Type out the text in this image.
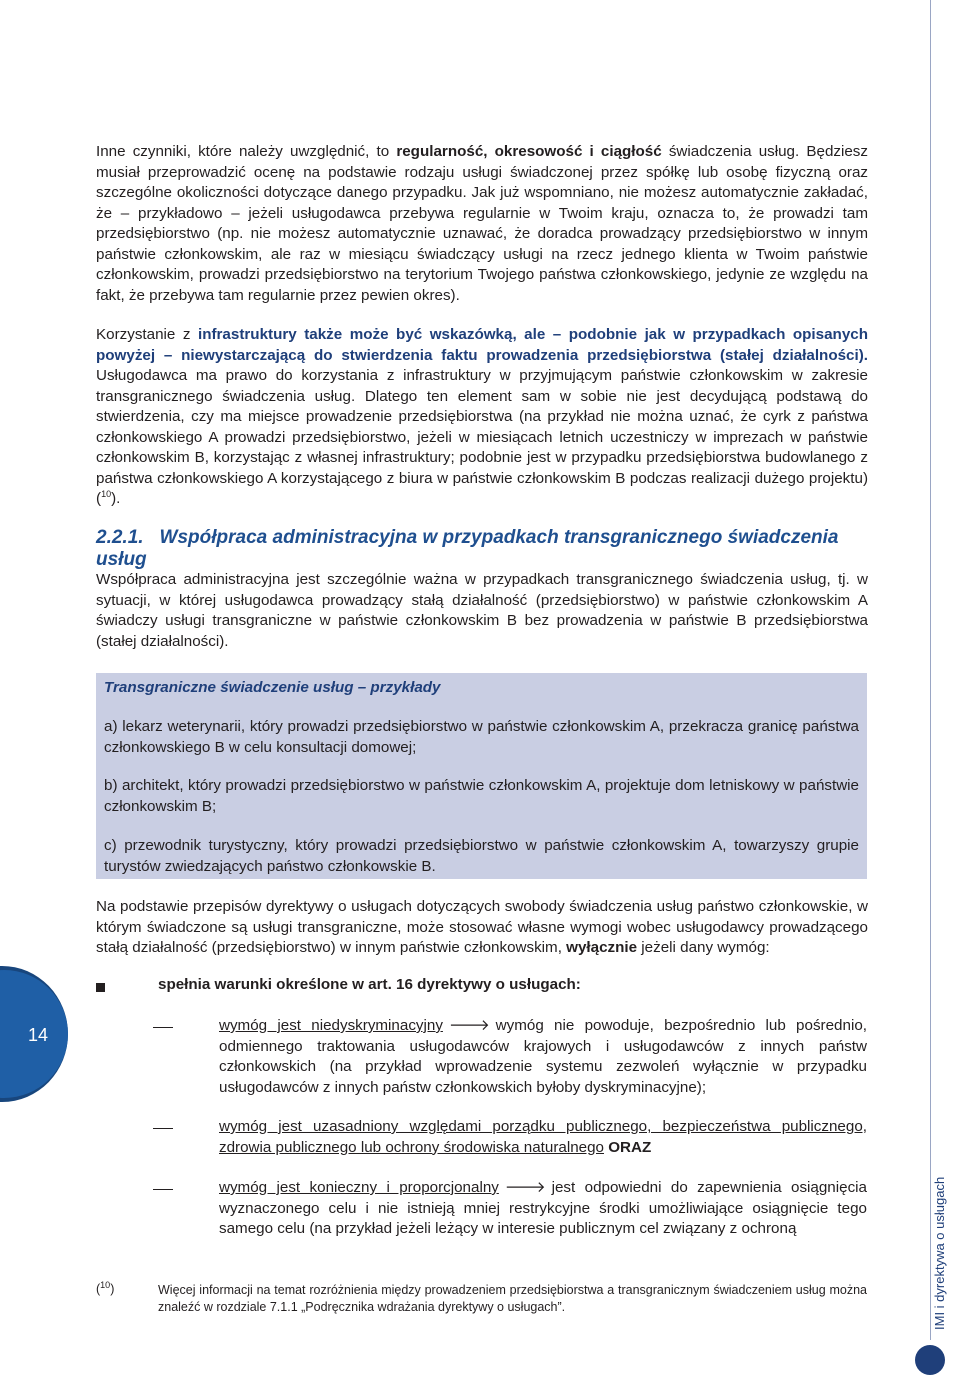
Inne czynniki, które należy uwzględnić, to regularność, okresowość i ciągłość świadczenia usług. Będziesz musiał przeprowadzić ocenę na podstawie rodzaju usługi świadczonej przez spółkę lub osobę fizyczną oraz szczególne okoliczności dotyczące danego przypadku. Jak już wspomniano, nie możesz automatycznie zakładać, że – przykładowo – jeżeli usługodawca przebywa regularnie w Twoim kraju, oznacza to, że prowadzi tam przedsiębiorstwo (np. nie możesz automatycznie uznawać, że doradca prowadzący przedsiębiorstwo w innym państwie członkowskim, ale raz w miesiącu świadczący usługi na rzecz jednego klienta w Twoim państwie członkowskim, prowadzi przedsiębiorstwo na terytorium Twojego państwa członkowskiego, jedynie ze względu na fakt, że przebywa tam regularnie przez pewien okres).

Korzystanie z infrastruktury także może być wskazówką, ale – podobnie jak w przypadkach opisanych powyżej – niewystarczającą do stwierdzenia faktu prowadzenia przedsiębiorstwa (stałej działalności). Usługodawca ma prawo do korzystania z infrastruktury w przyjmującym państwie członkowskim w zakresie transgranicznego świadczenia usług. Dlatego ten element sam w sobie nie jest decydującą podstawą do stwierdzenia, czy ma miejsce prowadzenie przedsiębiorstwa (na przykład nie można uznać, że cyrk z państwa członkowskiego A prowadzi przedsiębiorstwo, jeżeli w miesiącach letnich uczestniczy w imprezach w państwie członkowskim B, korzystając z własnej infrastruktury; podobnie jest w przypadku przedsiębiorstwa budowlanego z państwa członkowskiego A korzystającego z biura w państwie członkowskim B podczas realizacji dużego projektu) ($^{10}$).

2.2.1. Współpraca administracyjna w przypadkach transgranicznego świadczenia usług

Współpraca administracyjna jest szczególnie ważna w przypadkach transgranicznego świadczenia usług, tj. w sytuacji, w której usługodawca prowadzący stałą działalność (przedsiębiorstwo) w państwie członkowskim A świadczy usługi transgraniczne w państwie członkowskim B bez prowadzenia w państwie B przedsiębiorstwa (stałej działalności).

Transgraniczne świadczenie usług – przykłady
a) lekarz weterynarii, który prowadzi przedsiębiorstwo w państwie członkowskim A, przekracza granicę państwa członkowskiego B w celu konsultacji domowej;
b) architekt, który prowadzi przedsiębiorstwo w państwie członkowskim A, projektuje dom letniskowy w państwie członkowskim B;
c) przewodnik turystyczny, który prowadzi przedsiębiorstwo w państwie członkowskim A, towarzyszy grupie turystów zwiedzających państwo członkowskie B.

Na podstawie przepisów dyrektywy o usługach dotyczących swobody świadczenia usług państwo członkowskie, w którym świadczone są usługi transgraniczne, może stosować własne wymogi wobec usługodawcy prowadzącego stałą działalność (przedsiębiorstwo) w innym państwie członkowskim, wyłącznie jeżeli dany wymóg:

spełnia warunki określone w art. 16 dyrektywy o usługach:

wymóg jest niedyskryminacyjny 🡒 wymóg nie powoduje, bezpośrednio lub pośrednio, odmiennego traktowania usługodawców krajowych i usługodawców z innych państw członkowskich (na przykład wprowadzenie systemu zezwoleń wyłącznie w przypadku usługodawców z innych państw członkowskich byłoby dyskryminacyjne);

wymóg jest uzasadniony względami porządku publicznego, bezpieczeństwa publicznego, zdrowia publicznego lub ochrony środowiska naturalnego ORAZ

wymóg jest konieczny i proporcjonalny 🡒 jest odpowiedni do zapewnienia osiągnięcia wyznaczonego celu i nie istnieją mniej restrykcyjne środki umożliwiające osiągnięcie tego samego celu (na przykład jeżeli leżący w interesie publicznym cel związany z ochroną

($^{10}$)	Więcej informacji na temat rozróżnienia między prowadzeniem przedsiębiorstwa a transgranicznym świadczeniem usług można znaleźć w rozdziale 7.1.1 „Podręcznika wdrażania dyrektywy o usługach”.

14
IMI i dyrektywa o usługach
